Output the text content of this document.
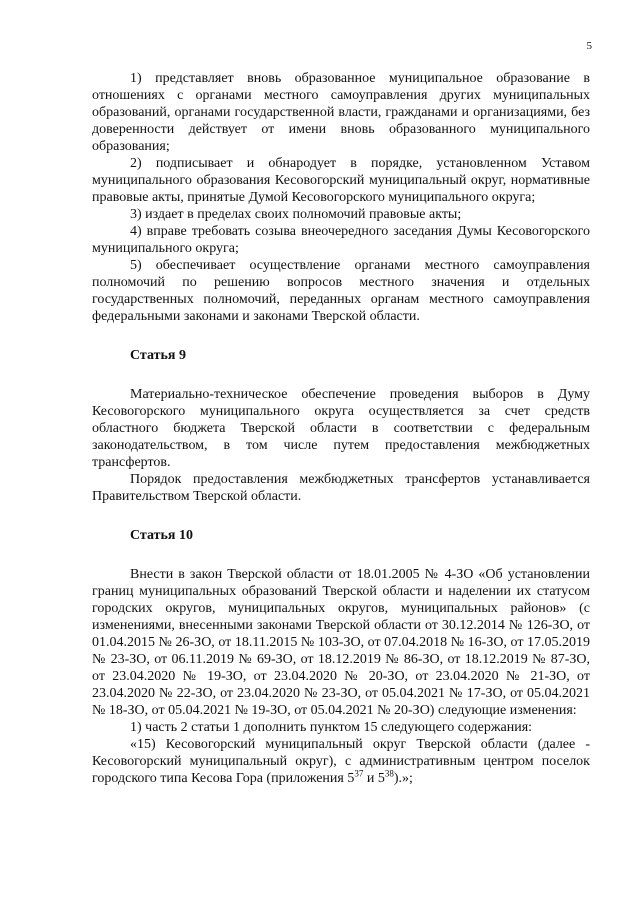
5

1) представляет вновь образованное муниципальное образование в отношениях с органами местного самоуправления других муниципальных образований, органами государственной власти, гражданами и организациями, без доверенности действует от имени вновь образованного муниципального образования;

2) подписывает и обнародует в порядке, установленном Уставом муниципального образования Кесовогорский муниципальный округ, нормативные правовые акты, принятые Думой Кесовогорского муниципального округа;

3) издает в пределах своих полномочий правовые акты;

4) вправе требовать созыва внеочередного заседания Думы Кесовогорского муниципального округа;

5) обеспечивает осуществление органами местного самоуправления полномочий по решению вопросов местного значения и отдельных государственных полномочий, переданных органам местного самоуправления федеральными законами и законами Тверской области.

Статья 9

Материально-техническое обеспечение проведения выборов в Думу Кесовогорского муниципального округа осуществляется за счет средств областного бюджета Тверской области в соответствии с федеральным законодательством, в том числе путем предоставления межбюджетных трансфертов.

Порядок предоставления межбюджетных трансфертов устанавливается Правительством Тверской области.

Статья 10

Внести в закон Тверской области от 18.01.2005 № 4-ЗО «Об установлении границ муниципальных образований Тверской области и наделении их статусом городских округов, муниципальных округов, муниципальных районов» (с изменениями, внесенными законами Тверской области от 30.12.2014 № 126-ЗО, от 01.04.2015 № 26-ЗО, от 18.11.2015 № 103-ЗО, от 07.04.2018 № 16-ЗО, от 17.05.2019 № 23-ЗО, от 06.11.2019 № 69-ЗО, от 18.12.2019 № 86-ЗО, от 18.12.2019 № 87-ЗО, от 23.04.2020 № 19-ЗО, от 23.04.2020 № 20-ЗО, от 23.04.2020 № 21-ЗО, от 23.04.2020 № 22-ЗО, от 23.04.2020 № 23-ЗО, от 05.04.2021 № 17-ЗО, от 05.04.2021 № 18-ЗО, от 05.04.2021 № 19-ЗО, от 05.04.2021 № 20-ЗО) следующие изменения:

1) часть 2 статьи 1 дополнить пунктом 15 следующего содержания:

«15) Кесовогорский муниципальный округ Тверской области (далее - Кесовогорский муниципальный округ), с административным центром поселок городского типа Кесова Гора (приложения $5^{37}$ и $5^{38}$).»;
